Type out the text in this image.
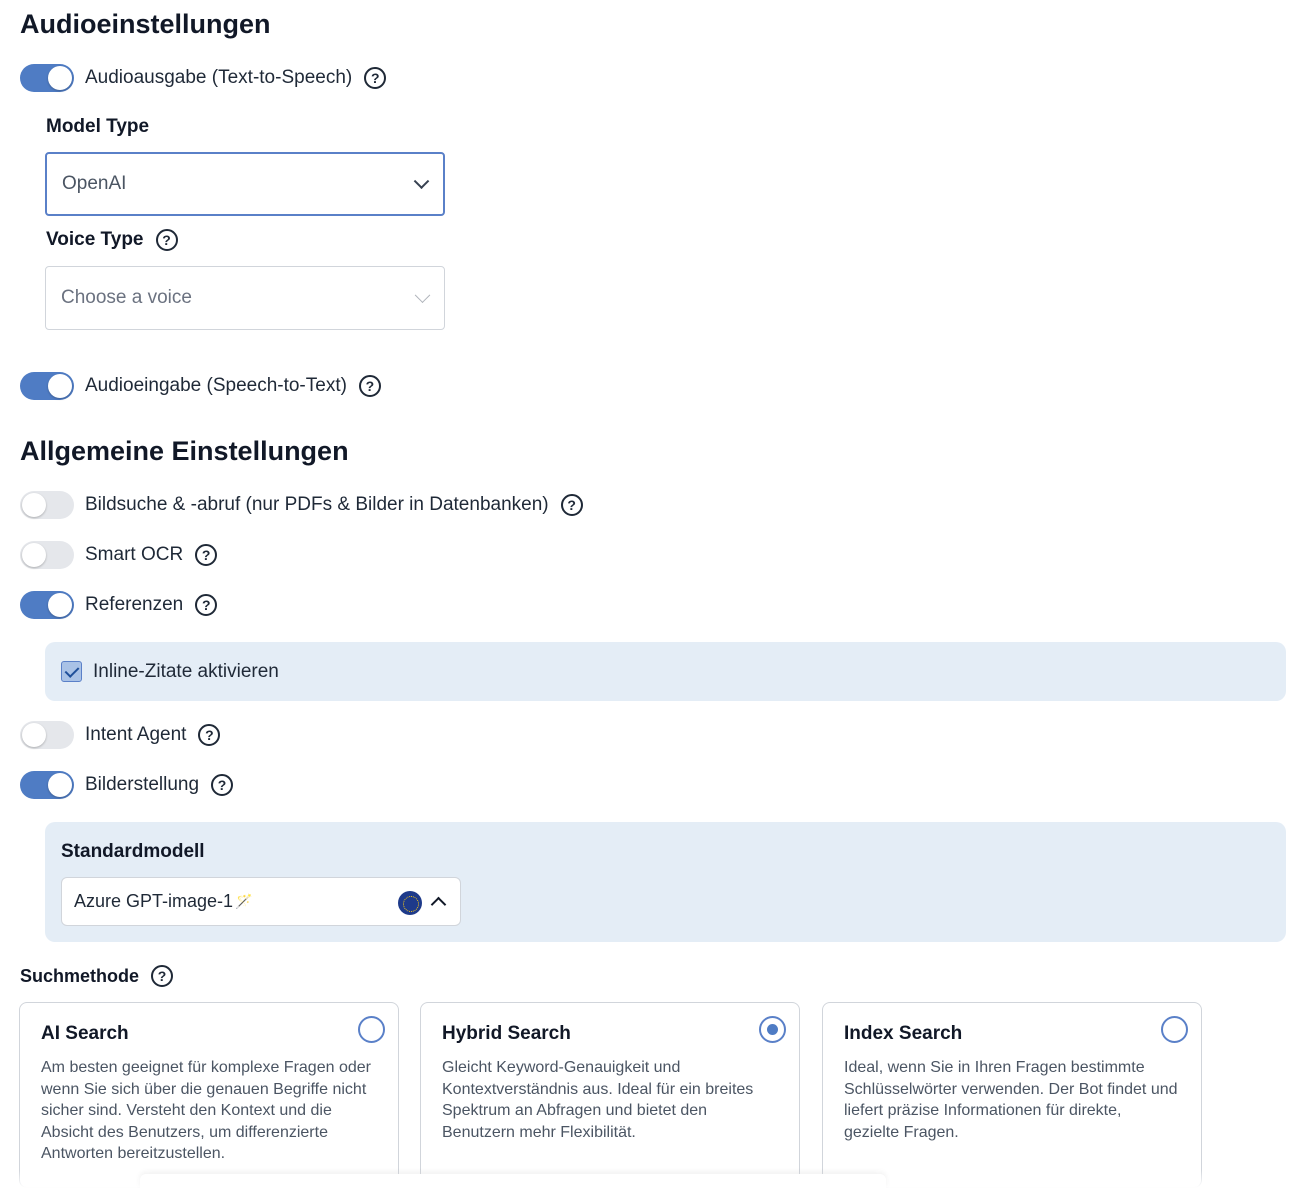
Audioeinstellungen
Audioausgabe (Text-to-Speech)	?
Model Type
OpenAI
Voice Type	?
Choose a voice
Audioeingabe (Speech-to-Text)	?
Allgemeine Einstellungen
Bildsuche & -abruf (nur PDFs & Bilder in Datenbanken)	?
Smart OCR	?
Referenzen	?
Inline-Zitate aktivieren
Intent Agent	?
Bilderstellung	?
Standardmodell
Azure GPT-image-1 🪄
Suchmethode	?
AI Search
Am besten geeignet für komplexe Fragen oder wenn Sie sich über die genauen Begriffe nicht sicher sind. Versteht den Kontext und die Absicht des Benutzers, um differenzierte Antworten bereitzustellen.
Hybrid Search
Gleicht Keyword-Genauigkeit und Kontextverständnis aus. Ideal für ein breites Spektrum an Abfragen und bietet den Benutzern mehr Flexibilität.
Index Search
Ideal, wenn Sie in Ihren Fragen bestimmte Schlüsselwörter verwenden. Der Bot findet und liefert präzise Informationen für direkte, gezielte Fragen.
